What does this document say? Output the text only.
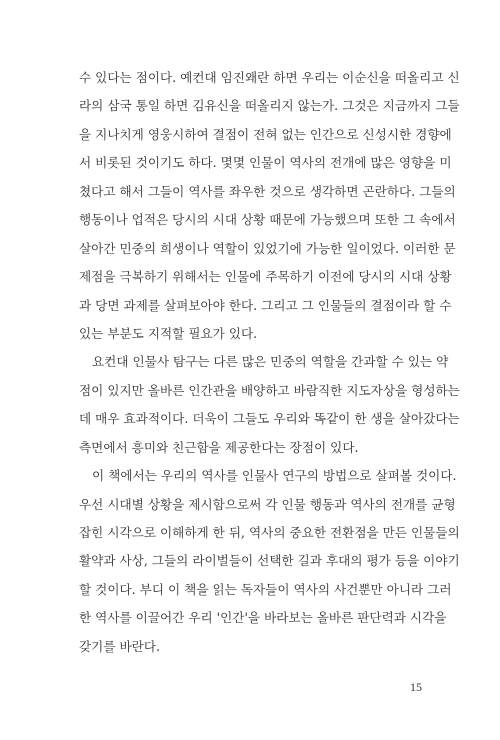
수 있다는 점이다. 예컨대 임진왜란 하면 우리는 이순신을 떠올리고 신
라의 삼국 통일 하면 김유신을 떠올리지 않는가. 그것은 지금까지 그들
을 지나치게 영웅시하여 결점이 전혀 없는 인간으로 신성시한 경향에
서 비롯된 것이기도 하다. 몇몇 인물이 역사의 전개에 많은 영향을 미
쳤다고 해서 그들이 역사를 좌우한 것으로 생각하면 곤란하다. 그들의
행동이나 업적은 당시의 시대 상황 때문에 가능했으며 또한 그 속에서
살아간 민중의 희생이나 역할이 있었기에 가능한 일이었다. 이러한 문
제점을 극복하기 위해서는 인물에 주목하기 이전에 당시의 시대 상황
과 당면 과제를 살펴보아야 한다. 그리고 그 인물들의 결점이라 할 수
있는 부분도 지적할 필요가 있다.
요컨대 인물사 탐구는 다른 많은 민중의 역할을 간과할 수 있는 약
점이 있지만 올바른 인간관을 배양하고 바람직한 지도자상을 형성하는
데 매우 효과적이다. 더욱이 그들도 우리와 똑같이 한 생을 살아갔다는
측면에서 흥미와 친근함을 제공한다는 장점이 있다.
이 책에서는 우리의 역사를 인물사 연구의 방법으로 살펴볼 것이다.
우선 시대별 상황을 제시함으로써 각 인물 행동과 역사의 전개를 균형
잡힌 시각으로 이해하게 한 뒤, 역사의 중요한 전환점을 만든 인물들의
활약과 사상, 그들의 라이벌들이 선택한 길과 후대의 평가 등을 이야기
할 것이다. 부디 이 책을 읽는 독자들이 역사의 사건뿐만 아니라 그러
한 역사를 이끌어간 우리 '인간'을 바라보는 올바른 판단력과 시각을
갖기를 바란다.
15
